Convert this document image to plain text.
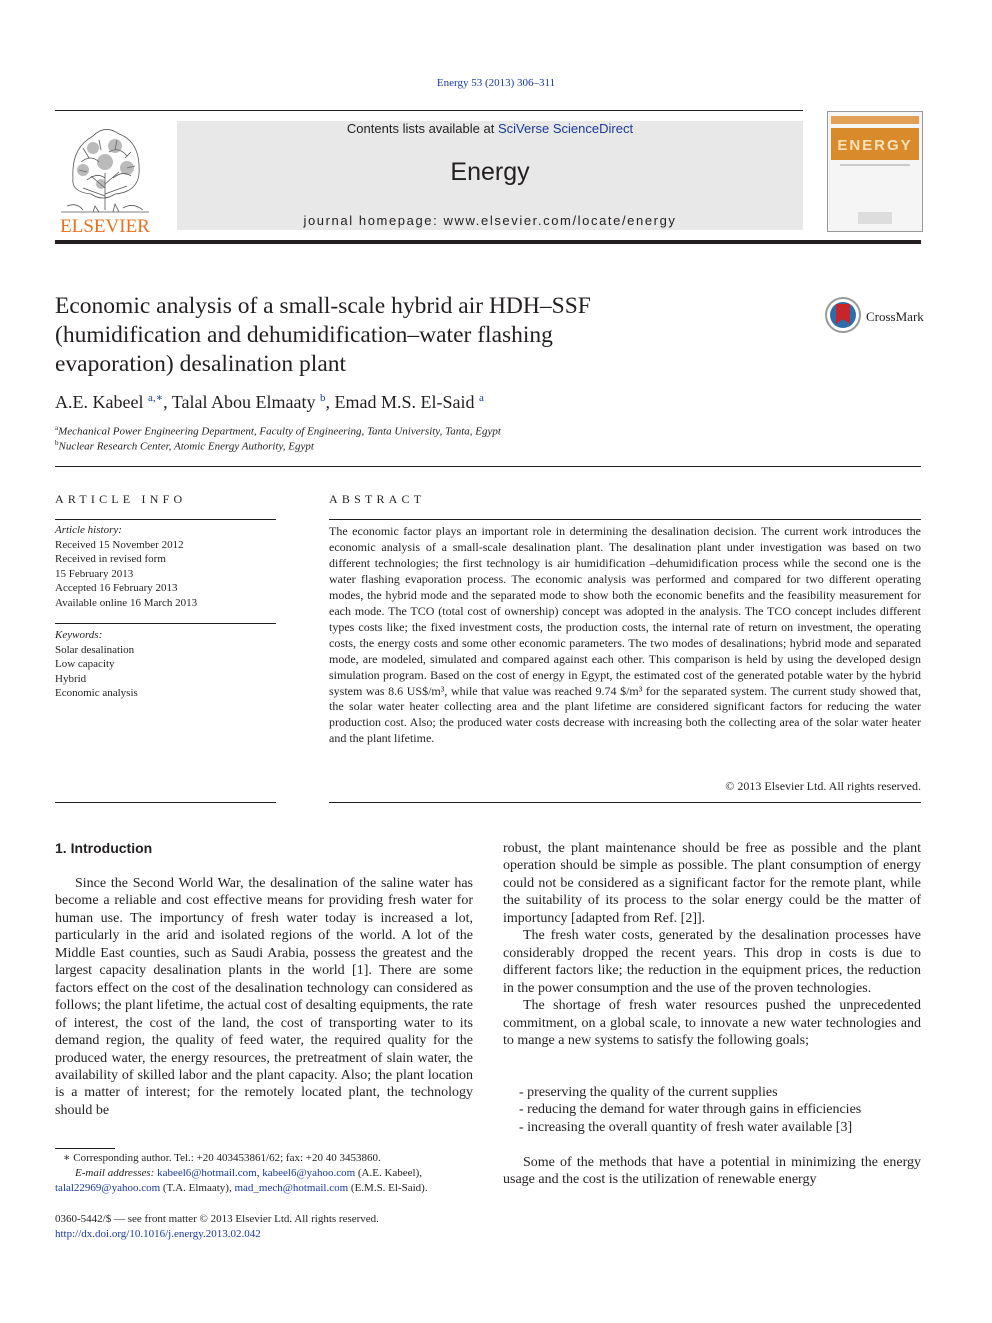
Energy 53 (2013) 306–311
ELSEVIER
Contents lists available at SciVerse ScienceDirect
Energy
journal homepage: www.elsevier.com/locate/energy
ENERGY
Economic analysis of a small-scale hybrid air HDH–SSF
(humidification and dehumidification–water flashing
evaporation) desalination plant
CrossMark
A.E. Kabeel $^{a,∗}$, Talal Abou Elmaaty $^b$, Emad M.S. El-Said $^a$
$^a$Mechanical Power Engineering Department, Faculty of Engineering, Tanta University, Tanta, Egypt
$^b$Nuclear Research Center, Atomic Energy Authority, Egypt
ARTICLE INFO
Article history:
Received 15 November 2012
Received in revised form
15 February 2013
Accepted 16 February 2013
Available online 16 March 2013
Keywords:
Solar desalination
Low capacity
Hybrid
Economic analysis
ABSTRACT
The economic factor plays an important role in determining the desalination decision. The current work introduces the economic analysis of a small-scale desalination plant. The desalination plant under investigation was based on two different technologies; the first technology is air humidification –dehumidification process while the second one is the water flashing evaporation process. The economic analysis was performed and compared for two different operating modes, the hybrid mode and the separated mode to show both the economic benefits and the feasibility measurement for each mode. The TCO (total cost of ownership) concept was adopted in the analysis. The TCO concept includes different types costs like; the fixed investment costs, the production costs, the internal rate of return on investment, the operating costs, the energy costs and some other economic parameters. The two modes of desalinations; hybrid mode and separated mode, are modeled, simulated and compared against each other. This comparison is held by using the developed design simulation program. Based on the cost of energy in Egypt, the estimated cost of the generated potable water by the hybrid system was 8.6 US$/m³, while that value was reached 9.74 $/m³ for the separated system. The current study showed that, the solar water heater collecting area and the plant lifetime are considered significant factors for reducing the water production cost. Also; the produced water costs decrease with increasing both the collecting area of the solar water heater and the plant lifetime.
© 2013 Elsevier Ltd. All rights reserved.
1. Introduction

Since the Second World War, the desalination of the saline water has become a reliable and cost effective means for providing fresh water for human use. The importuncy of fresh water today is increased a lot, particularly in the arid and isolated regions of the world. A lot of the Middle East counties, such as Saudi Arabia, possess the greatest and the largest capacity desalination plants in the world [1]. There are some factors effect on the cost of the desalination technology can considered as follows; the plant lifetime, the actual cost of desalting equipments, the rate of interest, the cost of the land, the cost of transporting water to its demand region, the quality of feed water, the required quality for the produced water, the energy resources, the pretreatment of slain water, the availability of skilled labor and the plant capacity. Also; the plant location is a matter of interest; for the remotely located plant, the technology should be

robust, the plant maintenance should be free as possible and the plant operation should be simple as possible. The plant consumption of energy could not be considered as a significant factor for the remote plant, while the suitability of its process to the solar energy could be the matter of importuncy [adapted from Ref. [2]].

The fresh water costs, generated by the desalination processes have considerably dropped the recent years. This drop in costs is due to different factors like; the reduction in the equipment prices, the reduction in the power consumption and the use of the proven technologies.

The shortage of fresh water resources pushed the unprecedented commitment, on a global scale, to innovate a new water technologies and to mange a new systems to satisfy the following goals;

- preserving the quality of the current supplies
- reducing the demand for water through gains in efficiencies
- increasing the overall quantity of fresh water available [3]

Some of the methods that have a potential in minimizing the energy usage and the cost is the utilization of renewable energy

∗ Corresponding author. Tel.: +20 403453861/62; fax: +20 40 3453860.
E-mail addresses: kabeel6@hotmail.com, kabeel6@yahoo.com (A.E. Kabeel),
talal22969@yahoo.com (T.A. Elmaaty), mad_mech@hotmail.com (E.M.S. El-Said).
0360-5442/$ — see front matter © 2013 Elsevier Ltd. All rights reserved.
http://dx.doi.org/10.1016/j.energy.2013.02.042
